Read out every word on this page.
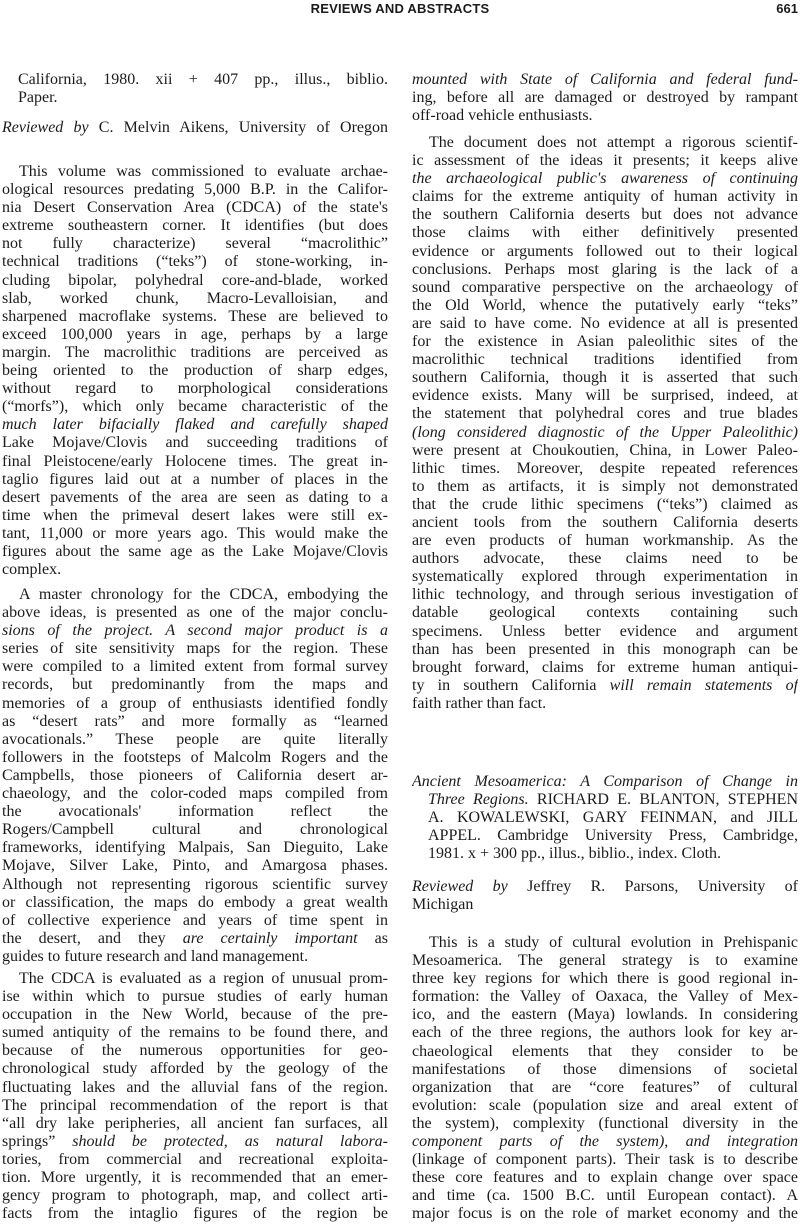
REVIEWS AND ABSTRACTS	661
California, 1980. xii + 407 pp., illus., biblio.
Paper.
Reviewed by C. Melvin Aikens, University of Oregon
This volume was commissioned to evaluate archae-
ological resources predating 5,000 B.P. in the Califor-
nia Desert Conservation Area (CDCA) of the state's
extreme southeastern corner. It identifies (but does
not fully characterize) several “macrolithic”
technical traditions (“teks”) of stone-working, in-
cluding bipolar, polyhedral core-and-blade, worked
slab, worked chunk, Macro-Levalloisian, and
sharpened macroflake systems. These are believed to
exceed 100,000 years in age, perhaps by a large
margin. The macrolithic traditions are perceived as
being oriented to the production of sharp edges,
without regard to morphological considerations
(“morfs”), which only became characteristic of the
much later bifacially flaked and carefully shaped
Lake Mojave/Clovis and succeeding traditions of
final Pleistocene/early Holocene times. The great in-
taglio figures laid out at a number of places in the
desert pavements of the area are seen as dating to a
time when the primeval desert lakes were still ex-
tant, 11,000 or more years ago. This would make the
figures about the same age as the Lake Mojave/Clovis
complex.
A master chronology for the CDCA, embodying the
above ideas, is presented as one of the major conclu-
sions of the project. A second major product is a
series of site sensitivity maps for the region. These
were compiled to a limited extent from formal survey
records, but predominantly from the maps and
memories of a group of enthusiasts identified fondly
as “desert rats” and more formally as “learned
avocationals.” These people are quite literally
followers in the footsteps of Malcolm Rogers and the
Campbells, those pioneers of California desert ar-
chaeology, and the color-coded maps compiled from
the avocationals' information reflect the
Rogers/Campbell cultural and chronological
frameworks, identifying Malpais, San Dieguito, Lake
Mojave, Silver Lake, Pinto, and Amargosa phases.
Although not representing rigorous scientific survey
or classification, the maps do embody a great wealth
of collective experience and years of time spent in
the desert, and they are certainly important as
guides to future research and land management.
The CDCA is evaluated as a region of unusual prom-
ise within which to pursue studies of early human
occupation in the New World, because of the pre-
sumed antiquity of the remains to be found there, and
because of the numerous opportunities for geo-
chronological study afforded by the geology of the
fluctuating lakes and the alluvial fans of the region.
The principal recommendation of the report is that
“all dry lake peripheries, all ancient fan surfaces, all
springs” should be protected, as natural labora-
tories, from commercial and recreational exploita-
tion. More urgently, it is recommended that an emer-
gency program to photograph, map, and collect arti-
facts from the intaglio figures of the region be
mounted with State of California and federal fund-
ing, before all are damaged or destroyed by rampant
off-road vehicle enthusiasts.
The document does not attempt a rigorous scientif-
ic assessment of the ideas it presents; it keeps alive
the archaeological public's awareness of continuing
claims for the extreme antiquity of human activity in
the southern California deserts but does not advance
those claims with either definitively presented
evidence or arguments followed out to their logical
conclusions. Perhaps most glaring is the lack of a
sound comparative perspective on the archaeology of
the Old World, whence the putatively early “teks”
are said to have come. No evidence at all is presented
for the existence in Asian paleolithic sites of the
macrolithic technical traditions identified from
southern California, though it is asserted that such
evidence exists. Many will be surprised, indeed, at
the statement that polyhedral cores and true blades
(long considered diagnostic of the Upper Paleolithic)
were present at Choukoutien, China, in Lower Paleo-
lithic times. Moreover, despite repeated references
to them as artifacts, it is simply not demonstrated
that the crude lithic specimens (“teks”) claimed as
ancient tools from the southern California deserts
are even products of human workmanship. As the
authors advocate, these claims need to be
systematically explored through experimentation in
lithic technology, and through serious investigation of
datable geological contexts containing such
specimens. Unless better evidence and argument
than has been presented in this monograph can be
brought forward, claims for extreme human antiqui-
ty in southern California will remain statements of
faith rather than fact.
Ancient Mesoamerica: A Comparison of Change in
Three Regions. RICHARD E. BLANTON, STEPHEN
A. KOWALEWSKI, GARY FEINMAN, and JILL
APPEL. Cambridge University Press, Cambridge,
1981. x + 300 pp., illus., biblio., index. Cloth.
Reviewed by Jeffrey R. Parsons, University of
Michigan
This is a study of cultural evolution in Prehispanic
Mesoamerica. The general strategy is to examine
three key regions for which there is good regional in-
formation: the Valley of Oaxaca, the Valley of Mex-
ico, and the eastern (Maya) lowlands. In considering
each of the three regions, the authors look for key ar-
chaeological elements that they consider to be
manifestations of those dimensions of societal
organization that are “core features” of cultural
evolution: scale (population size and areal extent of
the system), complexity (functional diversity in the
component parts of the system), and integration
(linkage of component parts). Their task is to describe
these core features and to explain change over space
and time (ca. 1500 B.C. until European contact). A
major focus is on the role of market economy and the
